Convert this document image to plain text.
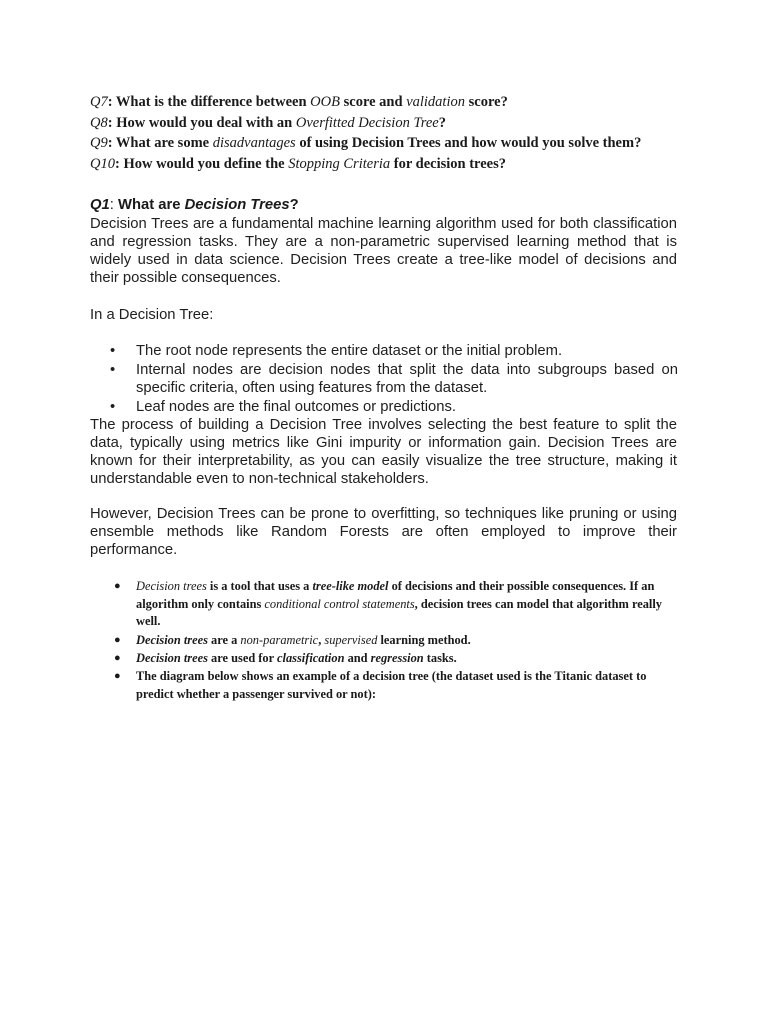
Q7: What is the difference between OOB score and validation score?
Q8: How would you deal with an Overfitted Decision Tree?
Q9: What are some disadvantages of using Decision Trees and how would you solve them?
Q10: How would you define the Stopping Criteria for decision trees?
Q1: What are Decision Trees?
Decision Trees are a fundamental machine learning algorithm used for both classification and regression tasks. They are a non-parametric supervised learning method that is widely used in data science. Decision Trees create a tree-like model of decisions and their possible consequences.
In a Decision Tree:
•	The root node represents the entire dataset or the initial problem.
•	Internal nodes are decision nodes that split the data into subgroups based on specific criteria, often using features from the dataset.
•	Leaf nodes are the final outcomes or predictions.
The process of building a Decision Tree involves selecting the best feature to split the data, typically using metrics like Gini impurity or information gain. Decision Trees are known for their interpretability, as you can easily visualize the tree structure, making it understandable even to non-technical stakeholders.
However, Decision Trees can be prone to overfitting, so techniques like pruning or using ensemble methods like Random Forests are often employed to improve their performance.
● Decision trees is a tool that uses a tree-like model of decisions and their possible consequences. If an algorithm only contains conditional control statements, decision trees can model that algorithm really well.
● Decision trees are a non-parametric, supervised learning method.
● Decision trees are used for classification and regression tasks.
● The diagram below shows an example of a decision tree (the dataset used is the Titanic dataset to predict whether a passenger survived or not):
